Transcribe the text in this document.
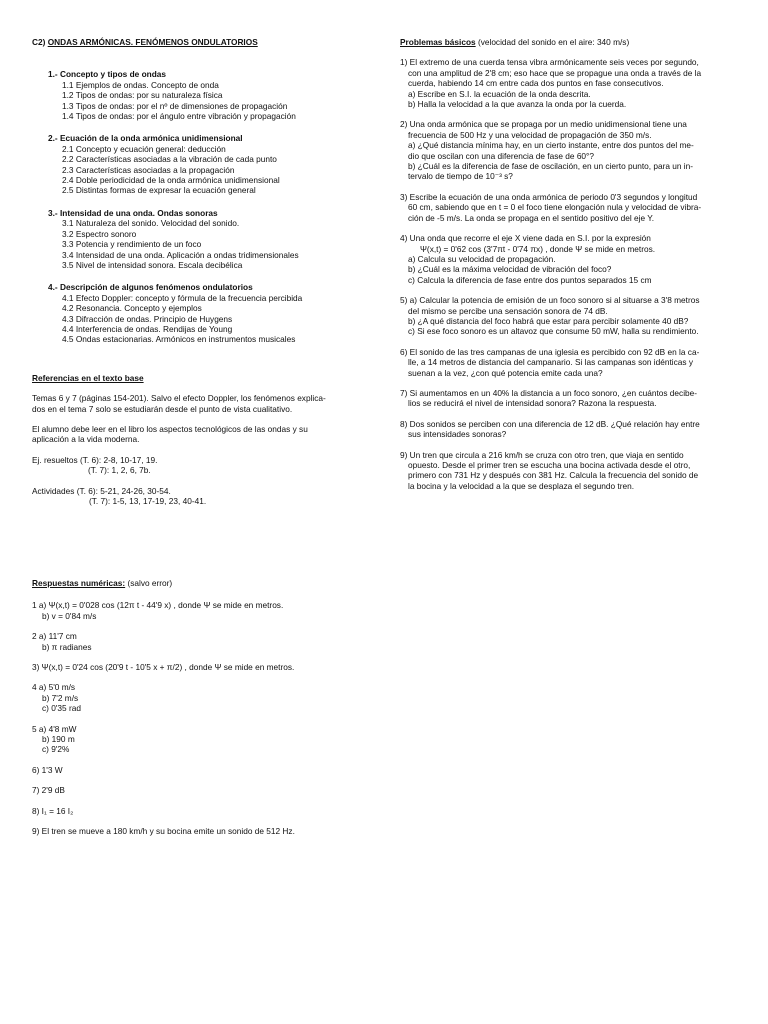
C2) ONDAS ARMÓNICAS. FENÓMENOS ONDULATORIOS
1.- Concepto y tipos de ondas
1.1 Ejemplos de ondas. Concepto de onda
1.2 Tipos de ondas: por su naturaleza física
1.3 Tipos de ondas: por el nº de dimensiones de propagación
1.4 Tipos de ondas: por el ángulo entre vibración y propagación
2.- Ecuación de la onda armónica unidimensional
2.1 Concepto y ecuación general: deducción
2.2 Características asociadas a la vibración de cada punto
2.3 Características asociadas a la propagación
2.4 Doble periodicidad de la onda armónica unidimensional
2.5 Distintas formas de expresar la ecuación general
3.- Intensidad de una onda. Ondas sonoras
3.1 Naturaleza del sonido. Velocidad del sonido.
3.2 Espectro sonoro
3.3 Potencia y rendimiento de un foco
3.4 Intensidad de una onda. Aplicación a ondas tridimensionales
3.5 Nivel de intensidad sonora. Escala decibélica
4.- Descripción de algunos fenómenos ondulatorios
4.1 Efecto Doppler: concepto y fórmula de la frecuencia percibida
4.2 Resonancia. Concepto y ejemplos
4.3 Difracción de ondas. Principio de Huygens
4.4 Interferencia de ondas. Rendijas de Young
4.5 Ondas estacionarias. Armónicos en instrumentos musicales
Referencias en el texto base
Temas 6 y 7 (páginas 154-201). Salvo el efecto Doppler, los fenómenos explica-
dos en el tema 7 solo se estudiarán desde el punto de vista cualitativo.
El alumno debe leer en el libro los aspectos tecnológicos de las ondas y su
aplicación a la vida moderna.
Ej. resueltos (T. 6): 2-8, 10-17, 19.
(T. 7): 1, 2, 6, 7b.
Actividades (T. 6): 5-21, 24-26, 30-54.
(T. 7): 1-5, 13, 17-19, 23, 40-41.
Problemas básicos (velocidad del sonido en el aire: 340 m/s)
1) El extremo de una cuerda tensa vibra armónicamente seis veces por segundo,
con una amplitud de 2'8 cm; eso hace que se propague una onda a través de la
cuerda, habiendo 14 cm entre cada dos puntos en fase consecutivos.
a) Escribe en S.I. la ecuación de la onda descrita.
b) Halla la velocidad a la que avanza la onda por la cuerda.
2) Una onda armónica que se propaga por un medio unidimensional tiene una
frecuencia de 500 Hz y una velocidad de propagación de 350 m/s.
a) ¿Qué distancia mínima hay, en un cierto instante, entre dos puntos del me-
dio que oscilan con una diferencia de fase de 60°?
b) ¿Cuál es la diferencia de fase de oscilación, en un cierto punto, para un in-
tervalo de tiempo de 10⁻³ s?
3) Escribe la ecuación de una onda armónica de periodo 0'3 segundos y longitud
60 cm, sabiendo que en t = 0 el foco tiene elongación nula y velocidad de vibra-
ción de -5 m/s. La onda se propaga en el sentido positivo del eje Y.
4) Una onda que recorre el eje X viene dada en S.I. por la expresión
Ψ(x,t) = 0'62 cos (3'7πt - 0'74 πx) , donde Ψ se mide en metros.
a) Calcula su velocidad de propagación.
b) ¿Cuál es la máxima velocidad de vibración del foco?
c) Calcula la diferencia de fase entre dos puntos separados 15 cm
5) a) Calcular la potencia de emisión de un foco sonoro si al situarse a 3'8 metros
del mismo se percibe una sensación sonora de 74 dB.
b) ¿A qué distancia del foco habrá que estar para percibir solamente 40 dB?
c) Si ese foco sonoro es un altavoz que consume 50 mW, halla su rendimiento.
6) El sonido de las tres campanas de una iglesia es percibido con 92 dB en la ca-
lle, a 14 metros de distancia del campanario. Si las campanas son idénticas y
suenan a la vez, ¿con qué potencia emite cada una?
7) Si aumentamos en un 40% la distancia a un foco sonoro, ¿en cuántos decibe-
lios se reducirá el nivel de intensidad sonora? Razona la respuesta.
8) Dos sonidos se perciben con una diferencia de 12 dB. ¿Qué relación hay entre
sus intensidades sonoras?
9) Un tren que circula a 216 km/h se cruza con otro tren, que viaja en sentido
opuesto. Desde el primer tren se escucha una bocina activada desde el otro,
primero con 731 Hz y después con 381 Hz. Calcula la frecuencia del sonido de
la bocina y la velocidad a la que se desplaza el segundo tren.
Respuestas numéricas: (salvo error)
1 a) Ψ(x,t) = 0'028 cos (12π t - 44'9 x) , donde Ψ se mide en metros.
b) v = 0'84 m/s
2 a) 11'7 cm
b) π radianes
3) Ψ(x,t) = 0'24 cos (20'9 t - 10'5 x + π/2) , donde Ψ se mide en metros.
4 a) 5'0 m/s
b) 7'2 m/s
c) 0'35 rad
5 a) 4'8 mW
b) 190 m
c) 9'2%
6) 1'3 W
7) 2'9 dB
8) I₁ = 16 I₂
9) El tren se mueve a 180 km/h y su bocina emite un sonido de 512 Hz.
